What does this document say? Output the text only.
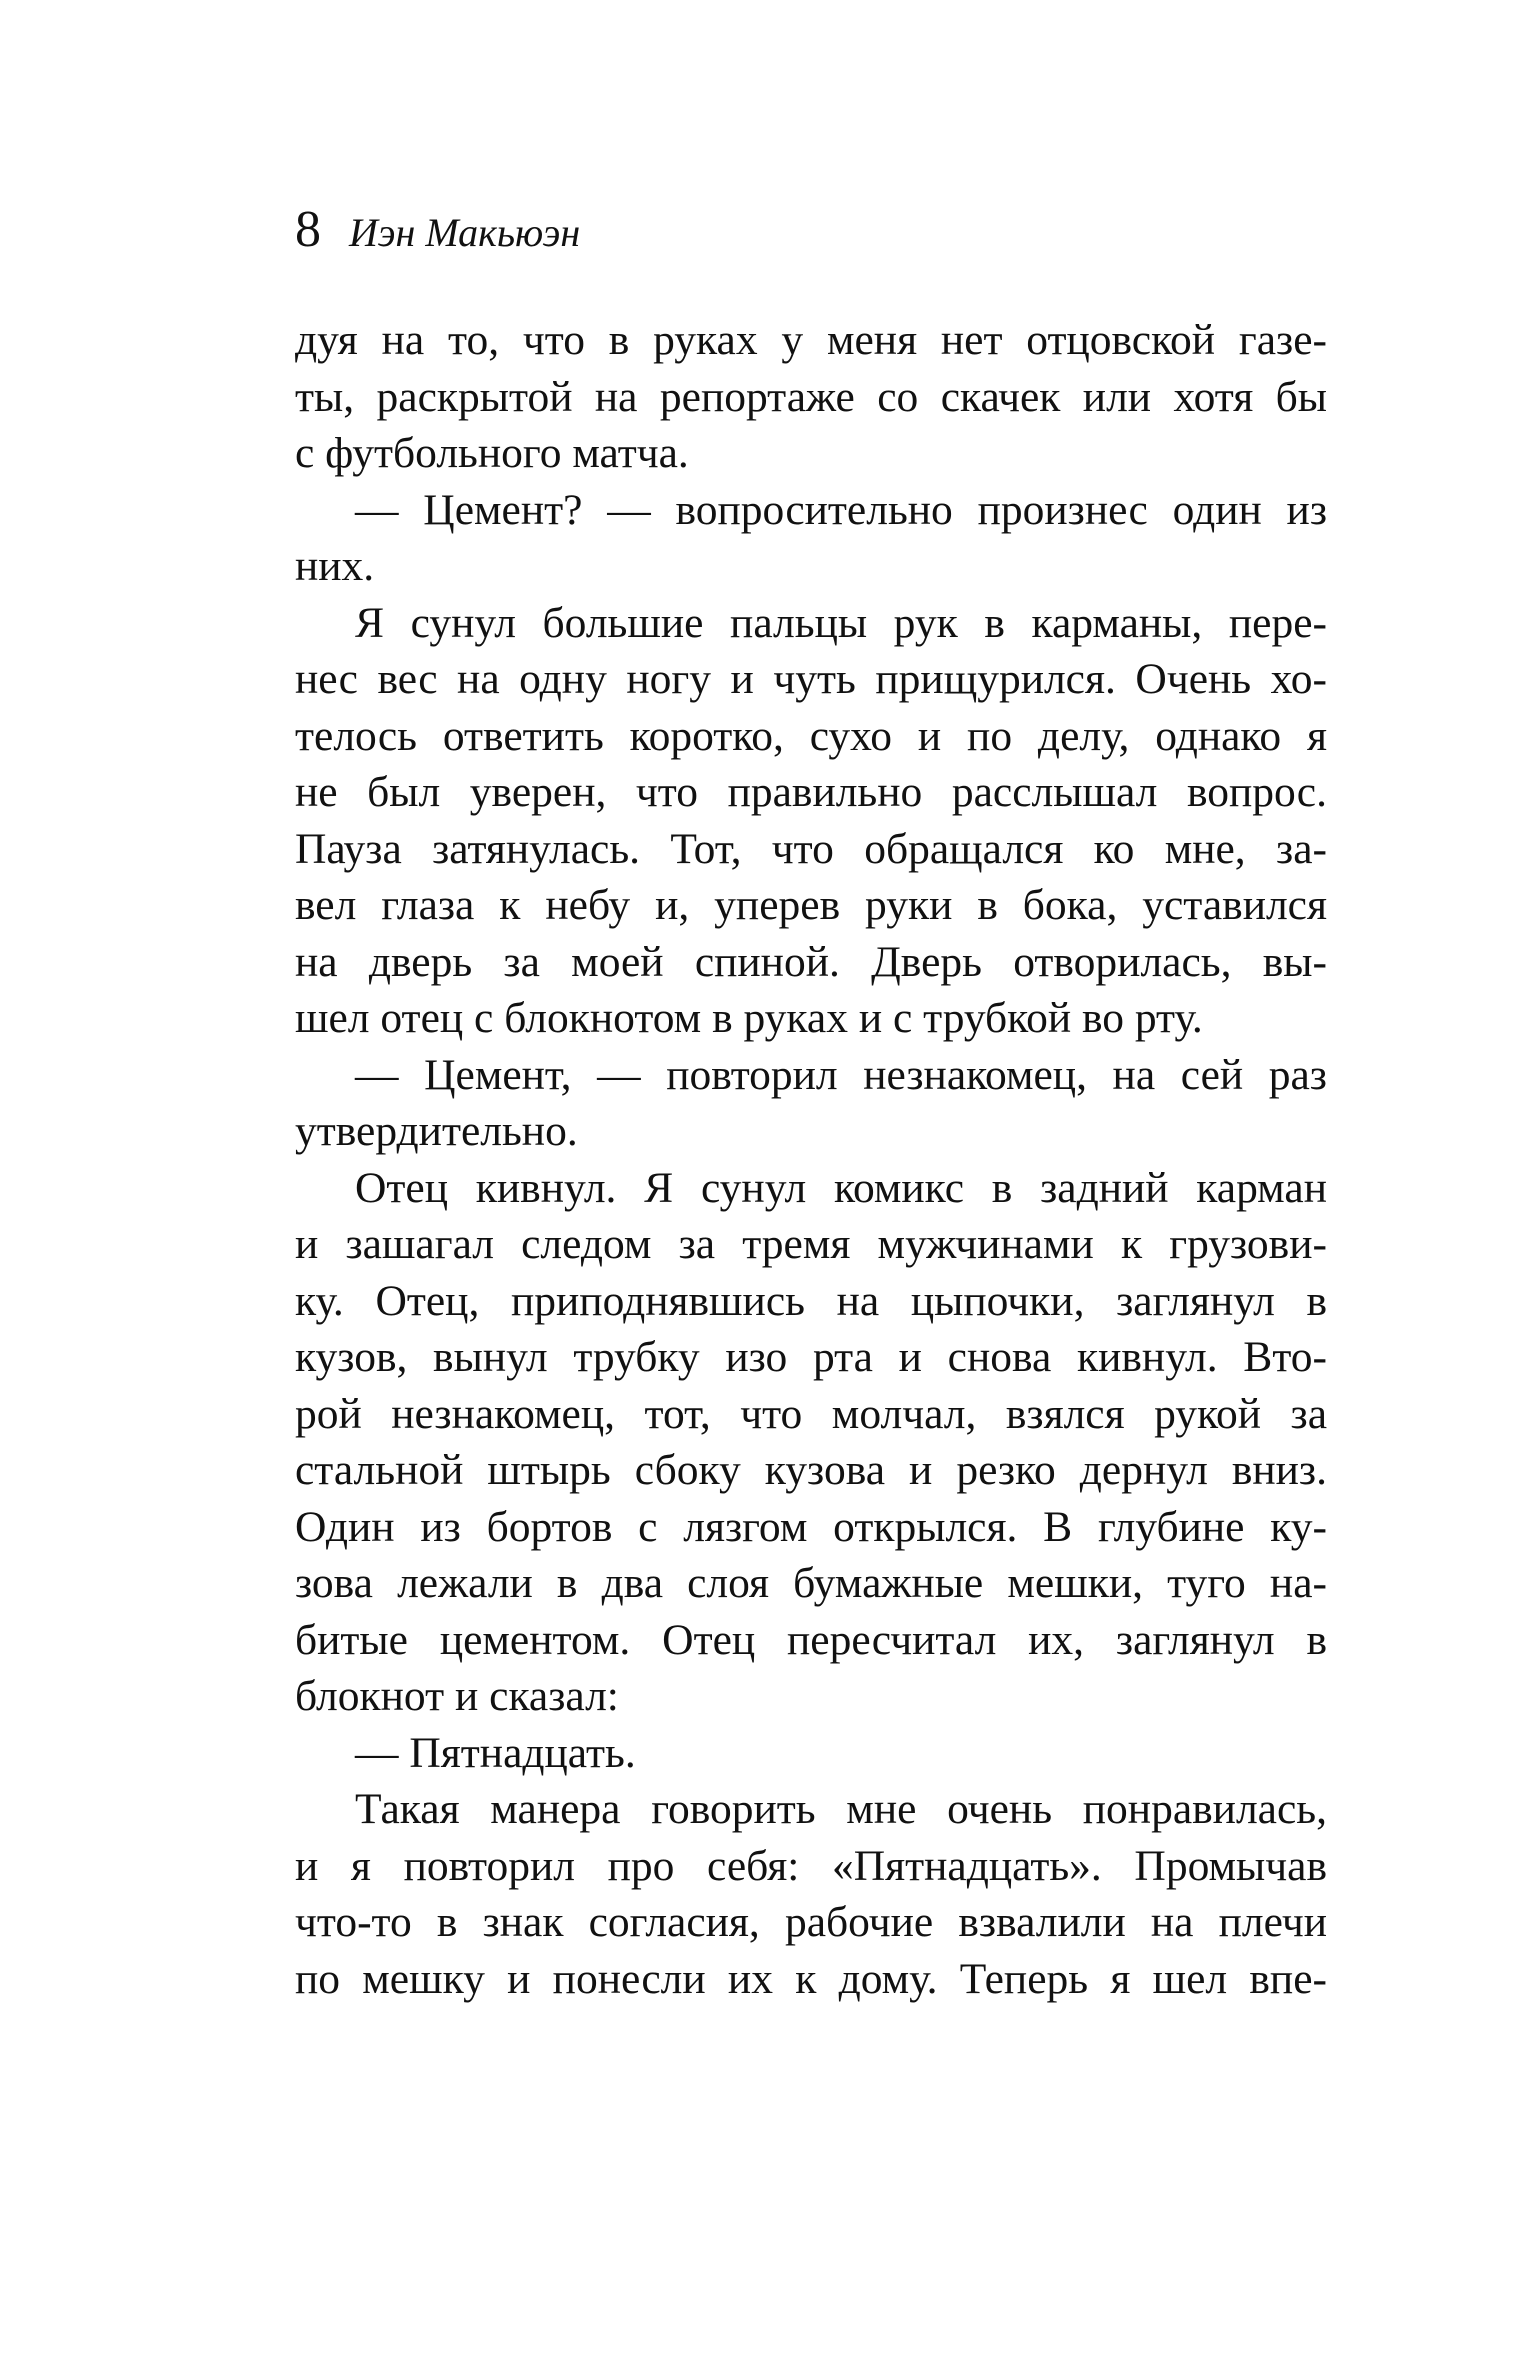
8 Иэн Макьюэн
дуя на то, что в руках у меня нет отцовской газе-
ты, раскрытой на репортаже со скачек или хотя бы
с футбольного матча.
— Цемент? — вопросительно произнес один из
них.
Я сунул большие пальцы рук в карманы, пере-
нес вес на одну ногу и чуть прищурился. Очень хо-
телось ответить коротко, сухо и по делу, однако я
не был уверен, что правильно расслышал вопрос.
Пауза затянулась. Тот, что обращался ко мне, за-
вел глаза к небу и, уперев руки в бока, уставился
на дверь за моей спиной. Дверь отворилась, вы-
шел отец с блокнотом в руках и с трубкой во рту.
— Цемент, — повторил незнакомец, на сей раз
утвердительно.
Отец кивнул. Я сунул комикс в задний карман
и зашагал следом за тремя мужчинами к грузови-
ку. Отец, приподнявшись на цыпочки, заглянул в
кузов, вынул трубку изо рта и снова кивнул. Вто-
рой незнакомец, тот, что молчал, взялся рукой за
стальной штырь сбоку кузова и резко дернул вниз.
Один из бортов с лязгом открылся. В глубине ку-
зова лежали в два слоя бумажные мешки, туго на-
битые цементом. Отец пересчитал их, заглянул в
блокнот и сказал:
— Пятнадцать.
Такая манера говорить мне очень понравилась,
и я повторил про себя: «Пятнадцать». Промычав
что-то в знак согласия, рабочие взвалили на плечи
по мешку и понесли их к дому. Теперь я шел впе-
